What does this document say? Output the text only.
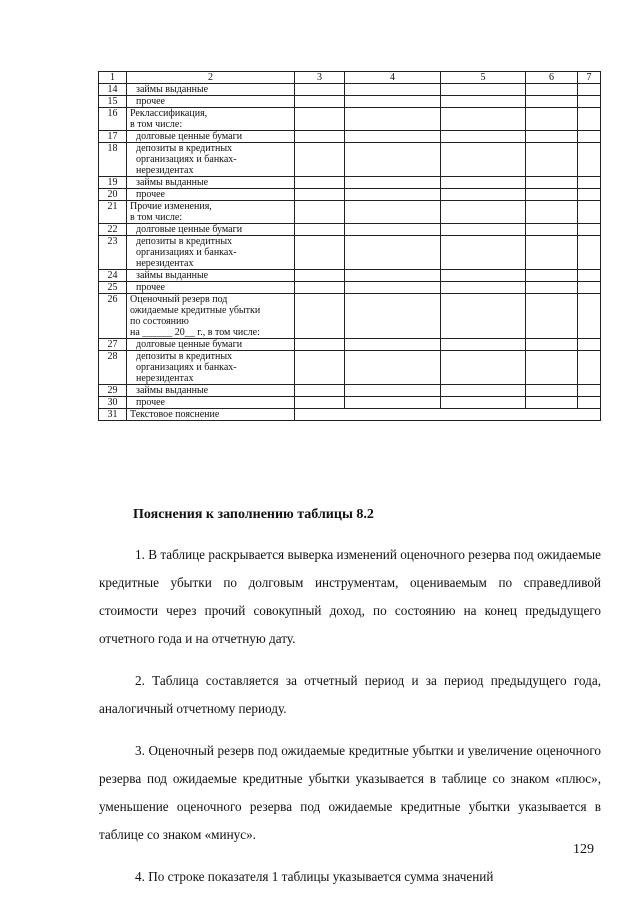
1	2	3	4	5	6	7
14	займы выданные					

15	прочее					

16	Реклассификация,
в том числе:					

17	долговые ценные бумаги					

18	депозиты в кредитных
организациях и банках-
нерезидентах					

19	займы выданные					

20	прочее					

21	Прочие изменения,
в том числе:					

22	долговые ценные бумаги					

23	депозиты в кредитных
организациях и банках-
нерезидентах					

24	займы выданные					

25	прочее					

26	Оценочный резерв под
ожидаемые кредитные убытки
по состоянию
на ______ 20__ г., в том числе:					

27	долговые ценные бумаги					

28	депозиты в кредитных
организациях и банках-
нерезидентах					

29	займы выданные					

30	прочее					

31	Текстовое пояснение					

Пояснения к заполнению таблицы 8.2

1. В таблице раскрывается выверка изменений оценочного резерва под ожидаемые кредитные убытки по долговым инструментам, оцениваемым по справедливой стоимости через прочий совокупный доход, по состоянию на конец предыдущего отчетного года и на отчетную дату.

2. Таблица составляется за отчетный период и за период предыдущего года, аналогичный отчетному периоду.

3. Оценочный резерв под ожидаемые кредитные убытки и увеличение оценочного резерва под ожидаемые кредитные убытки указывается в таблице со знаком «плюс», уменьшение оценочного резерва под ожидаемые кредитные убытки указывается в таблице со знаком «минус».

4. По строке показателя 1 таблицы указывается сумма значений

129
